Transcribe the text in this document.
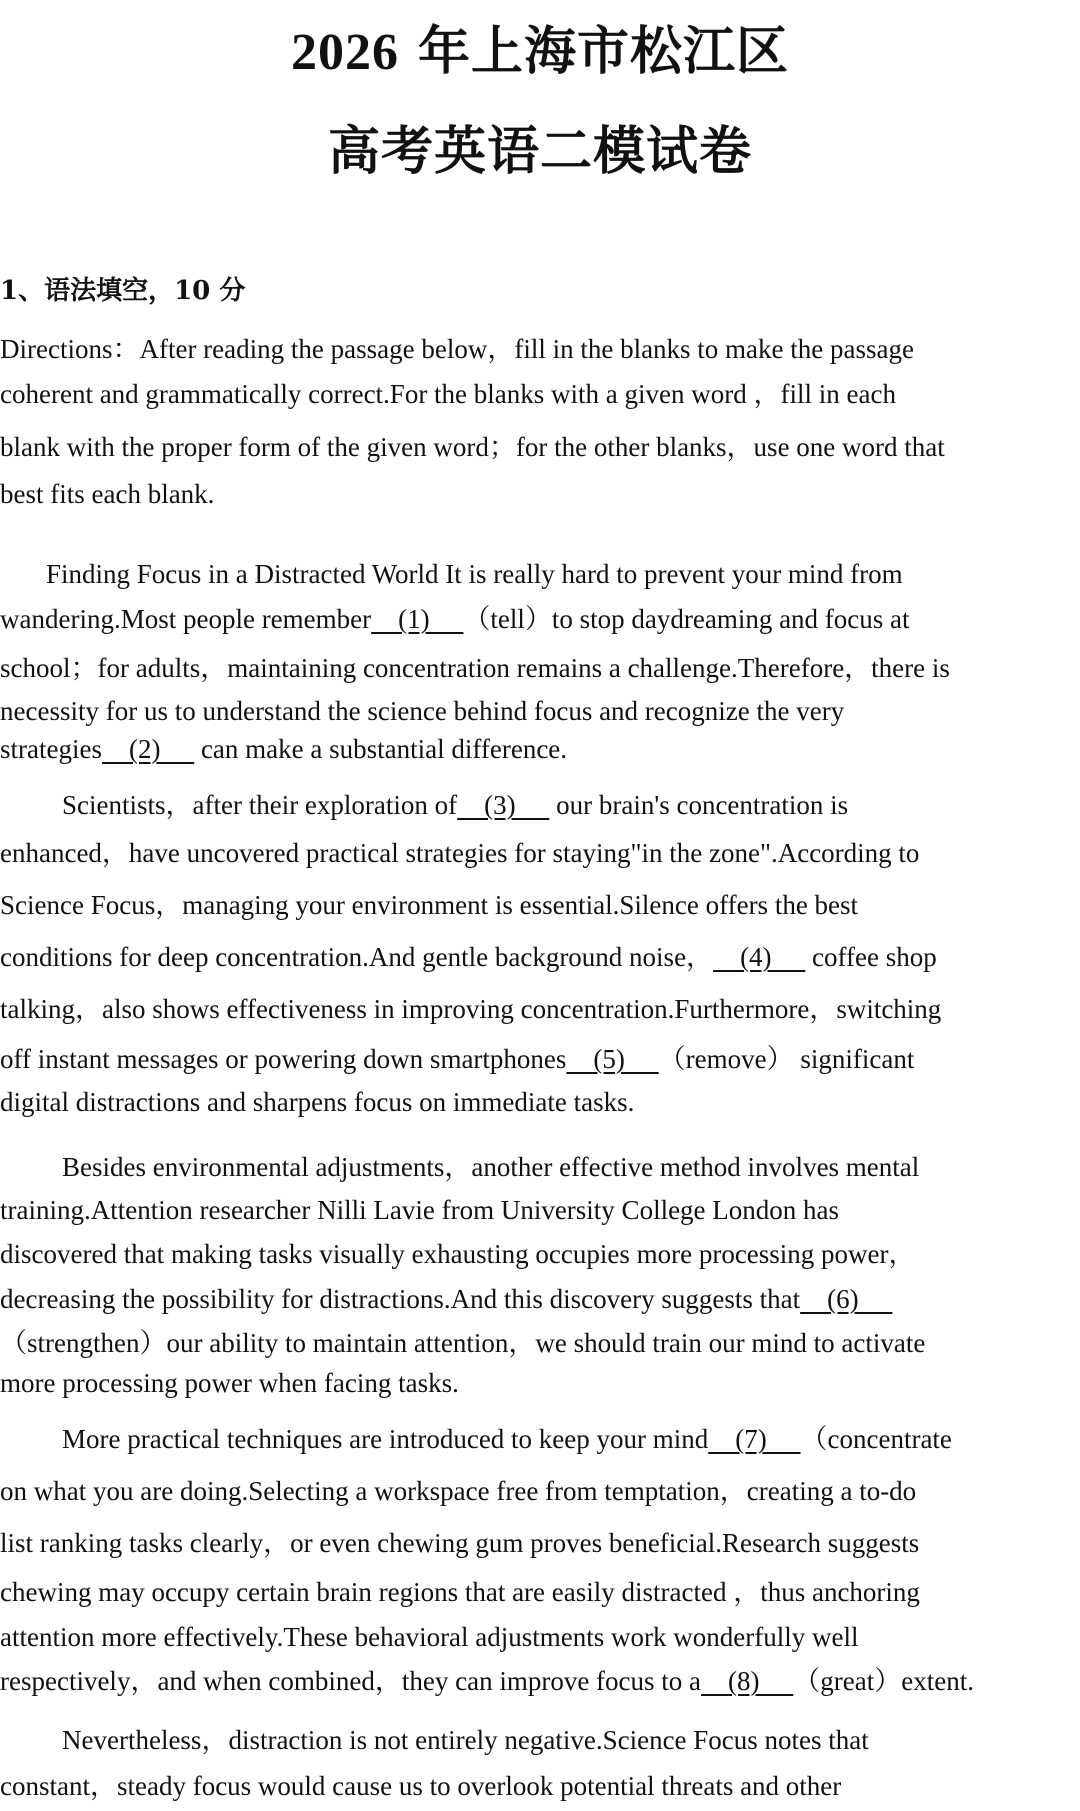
2026 年上海市松江区
高考英语二模试卷
1、语法填空，10 分

Directions：After reading the passage below，fill in the blanks to make the passage

coherent and grammatically correct.For the blanks with a given word ，fill in each

blank with the proper form of the given word；for the other blanks，use one word that

best fits each blank.

Finding Focus in a Distracted World It is really hard to prevent your mind from

wandering.Most people remember    (1)     （tell）to stop daydreaming and focus at

school；for adults，maintaining concentration remains a challenge.Therefore，there is

necessity for us to understand the science behind focus and recognize the very

strategies    (2)      can make a substantial difference.

Scientists，after their exploration of    (3)      our brain's concentration is

enhanced，have uncovered practical strategies for staying"in the zone".According to

Science Focus，managing your environment is essential.Silence offers the best

conditions for deep concentration.And gentle background noise，    (4)      coffee shop

talking，also shows effectiveness in improving concentration.Furthermore，switching

off instant messages or powering down smartphones    (5)     （remove） significant

digital distractions and sharpens focus on immediate tasks.

Besides environmental adjustments，another effective method involves mental

training.Attention researcher Nilli Lavie from University College London has

discovered that making tasks visually exhausting occupies more processing power，

decreasing the possibility for distractions.And this discovery suggests that    (6)

（strengthen）our ability to maintain attention，we should train our mind to activate

more processing power when facing tasks.

More practical techniques are introduced to keep your mind    (7)     （concentrate

on what you are doing.Selecting a workspace free from temptation，creating a to-do

list ranking tasks clearly，or even chewing gum proves beneficial.Research suggests

chewing may occupy certain brain regions that are easily distracted ，thus anchoring

attention more effectively.These behavioral adjustments work wonderfully well

respectively，and when combined，they can improve focus to a    (8)     （great）extent.

Nevertheless，distraction is not entirely negative.Science Focus notes that

constant，steady focus would cause us to overlook potential threats and other
